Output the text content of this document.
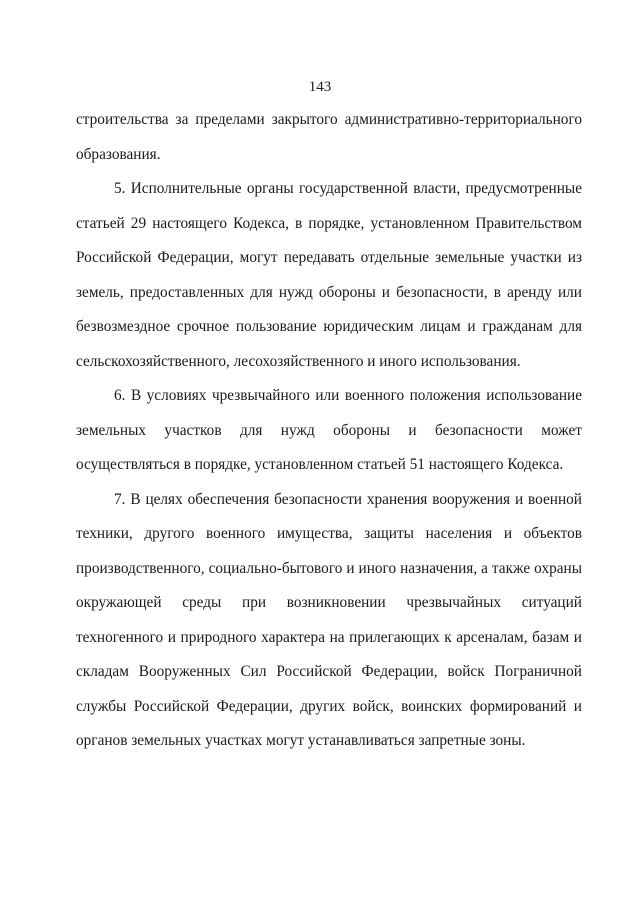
143

строительства за пределами закрытого административно-территориального образования.

5. Исполнительные органы государственной власти, предусмотренные статьей 29 настоящего Кодекса, в порядке, установленном Правительством Российской Федерации, могут передавать отдельные земельные участки из земель, предоставленных для нужд обороны и безопасности, в аренду или безвозмездное срочное пользование юридическим лицам и гражданам для сельскохозяйственного, лесохозяйственного и иного использования.

6. В условиях чрезвычайного или военного положения использование земельных участков для нужд обороны и безопасности может осуществляться в порядке, установленном статьей 51 настоящего Кодекса.

7. В целях обеспечения безопасности хранения вооружения и военной техники, другого военного имущества, защиты населения и объектов производственного, социально-бытового и иного назначения, а также охраны окружающей среды при возникновении чрезвычайных ситуаций техногенного и природного характера на прилегающих к арсеналам, базам и складам Вооруженных Сил Российской Федерации, войск Пограничной службы Российской Федерации, других войск, воинских формирований и органов земельных участках могут устанавливаться запретные зоны.
